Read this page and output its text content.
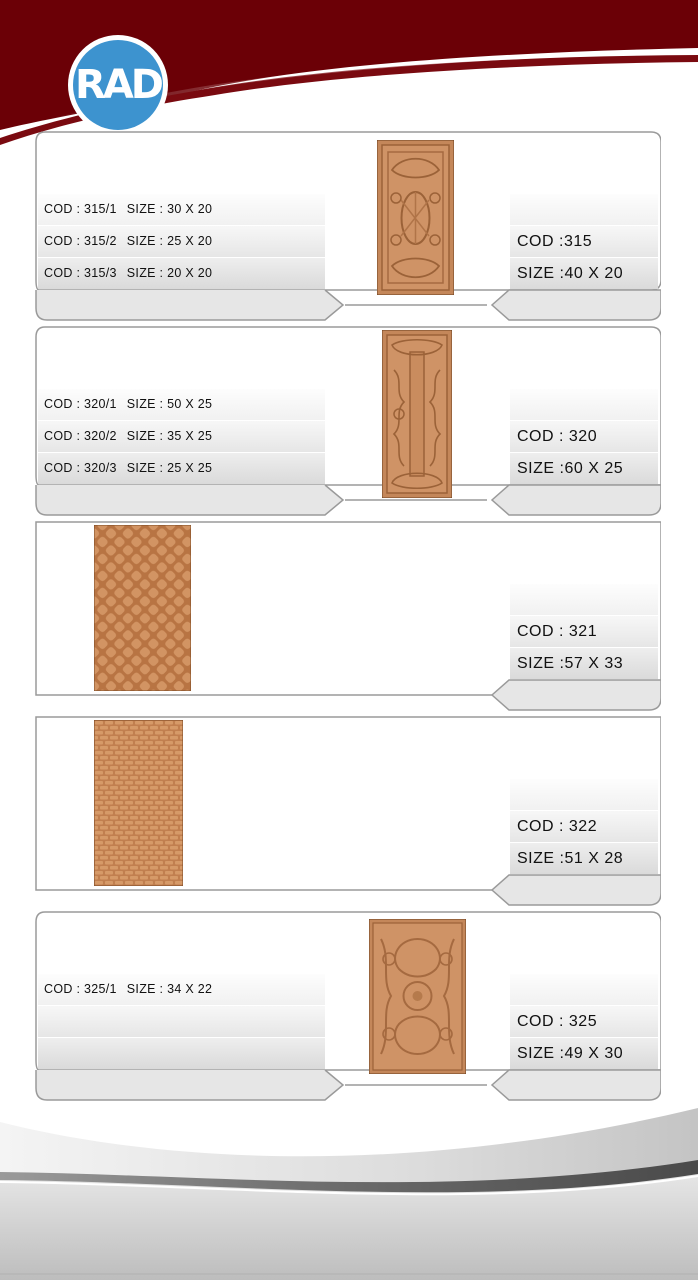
RAD
COD : 315/1 SIZE : 30 X 20
COD : 315/2 SIZE : 25 X 20
COD : 315/3 SIZE : 20 X 20
COD :315
SIZE :40 X 20
COD : 320/1 SIZE : 50 X 25
COD : 320/2 SIZE : 35 X 25
COD : 320/3 SIZE : 25 X 25
COD : 320
SIZE :60 X 25
COD : 321
SIZE :57 X 33
COD : 322
SIZE :51 X 28
COD : 325/1 SIZE : 34 X 22
COD : 325
SIZE :49 X 30
